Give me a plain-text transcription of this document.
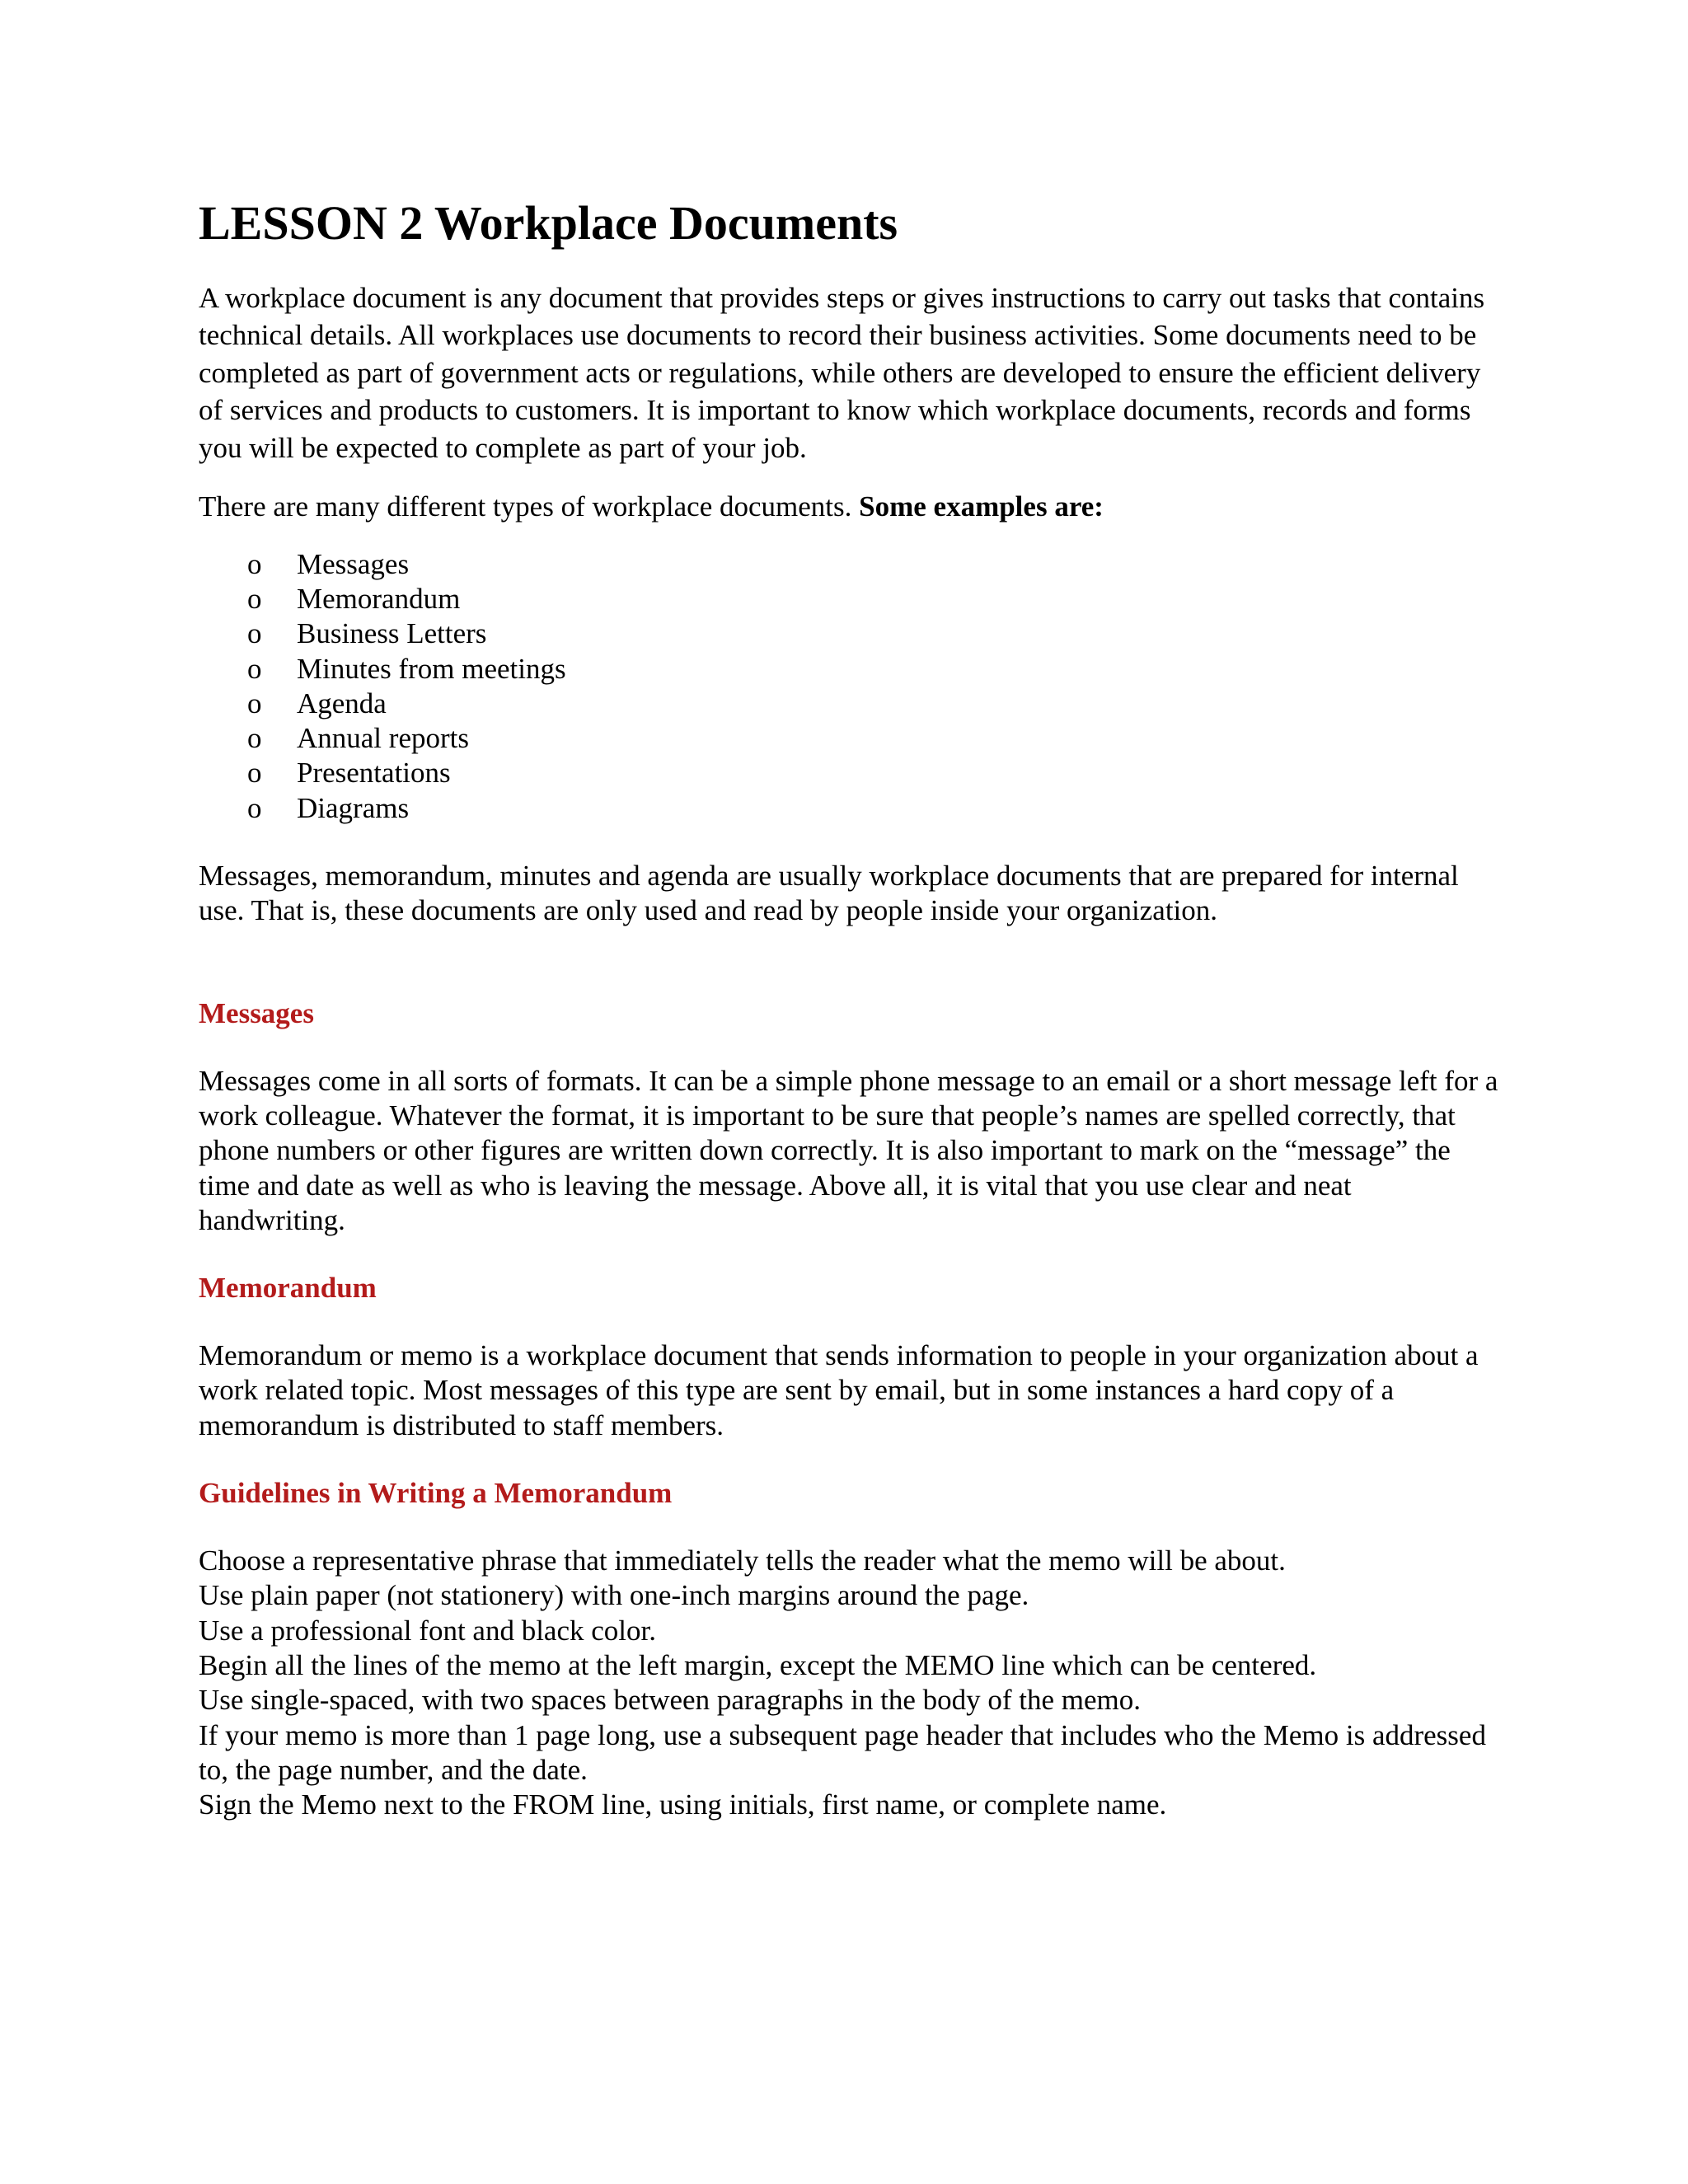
LESSON 2 Workplace Documents

A workplace document is any document that provides steps or gives instructions to carry out tasks that contains technical details. All workplaces use documents to record their business activities. Some documents need to be completed as part of government acts or regulations, while others are developed to ensure the efficient delivery of services and products to customers. It is important to know which workplace documents, records and forms you will be expected to complete as part of your job.

There are many different types of workplace documents. Some examples are:

o	Messages
o	Memorandum
o	Business Letters
o	Minutes from meetings
o	Agenda
o	Annual reports
o	Presentations
o	Diagrams

Messages, memorandum, minutes and agenda are usually workplace documents that are prepared for internal use. That is, these documents are only used and read by people inside your organization.

Messages

Messages come in all sorts of formats. It can be a simple phone message to an email or a short message left for a work colleague. Whatever the format, it is important to be sure that people’s names are spelled correctly, that phone numbers or other figures are written down correctly. It is also important to mark on the “message” the time and date as well as who is leaving the message. Above all, it is vital that you use clear and neat handwriting.

Memorandum

Memorandum or memo is a workplace document that sends information to people in your organization about a work related topic. Most messages of this type are sent by email, but in some instances a hard copy of a memorandum is distributed to staff members.

Guidelines in Writing a Memorandum
Choose a representative phrase that immediately tells the reader what the memo will be about.
Use plain paper (not stationery) with one-inch margins around the page.
Use a professional font and black color.
Begin all the lines of the memo at the left margin, except the MEMO line which can be centered.
Use single-spaced, with two spaces between paragraphs in the body of the memo.
If your memo is more than 1 page long, use a subsequent page header that includes who the Memo is addressed to, the page number, and the date.
Sign the Memo next to the FROM line, using initials, first name, or complete name.
